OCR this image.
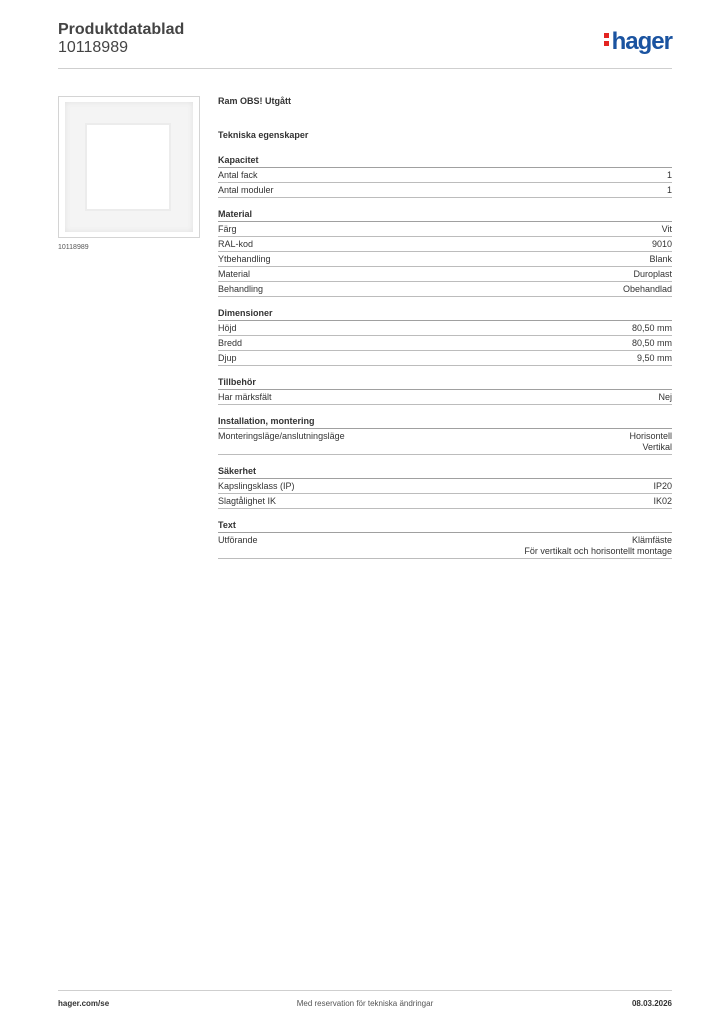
Produktdatablad
10118989	hager
10118989
Ram OBS! Utgått
Tekniska egenskaper
Kapacitet
Antal fack	1
Antal moduler	1
Material
Färg	Vit
RAL-kod	9010
Ytbehandling	Blank
Material	Duroplast
Behandling	Obehandlad
Dimensioner
Höjd	80,50 mm
Bredd	80,50 mm
Djup	9,50 mm
Tillbehör
Har märksfält	Nej
Installation, montering
Monteringsläge/anslutningsläge	Horisontell
Vertikal
Säkerhet
Kapslingsklass (IP)	IP20
Slagtålighet IK	IK02
Text
Utförande	Klämfäste
För vertikalt och horisontellt montage
hager.com/se	Med reservation för tekniska ändringar	08.03.2026
